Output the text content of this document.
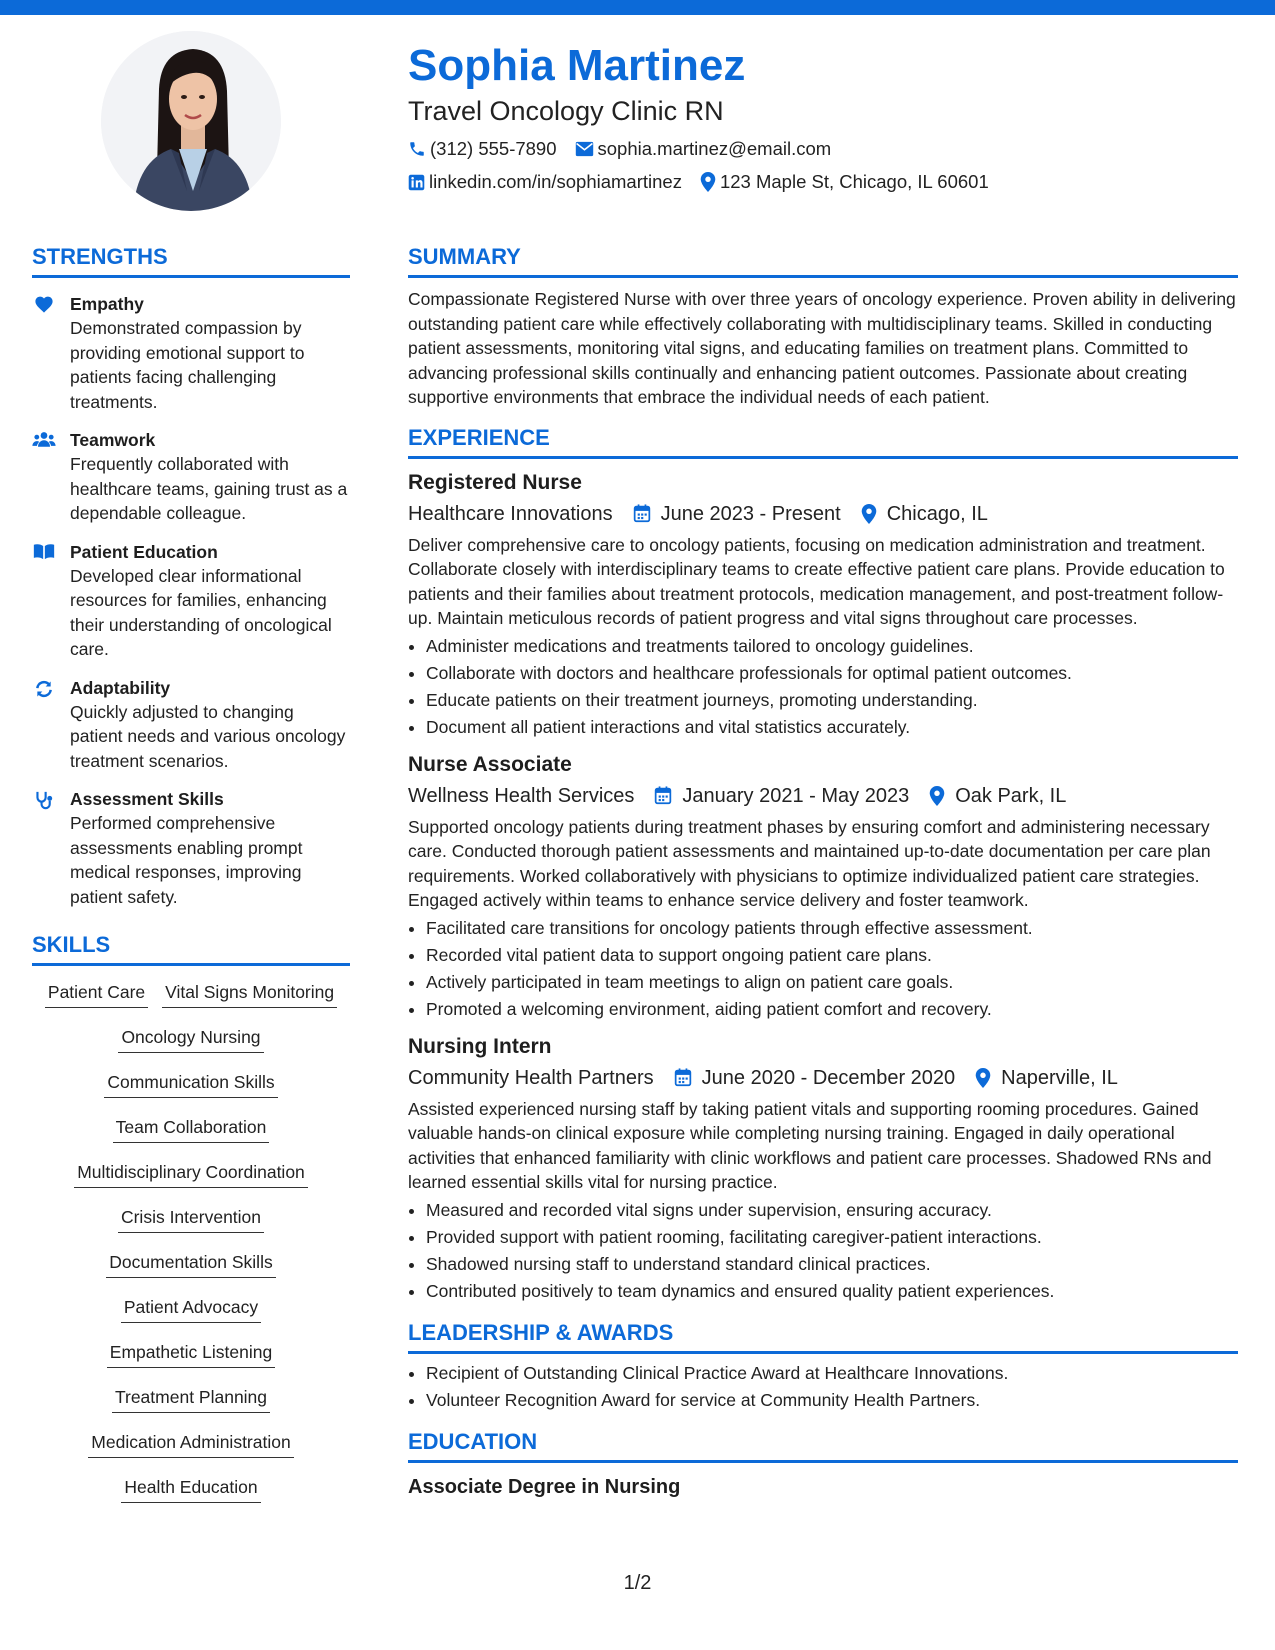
Sophia Martinez
Travel Oncology Clinic RN
(312) 555-7890 sophia.martinez@email.com
linkedin.com/in/sophiamartinez 123 Maple St, Chicago, IL 60601
STRENGTHS
Empathy
Demonstrated compassion by providing emotional support to patients facing challenging treatments.
Teamwork
Frequently collaborated with healthcare teams, gaining trust as a dependable colleague.
Patient Education
Developed clear informational resources for families, enhancing their understanding of oncological care.
Adaptability
Quickly adjusted to changing patient needs and various oncology treatment scenarios.
Assessment Skills
Performed comprehensive assessments enabling prompt medical responses, improving patient safety.
SKILLS
Patient Care Vital Signs Monitoring
Oncology Nursing
Communication Skills
Team Collaboration
Multidisciplinary Coordination
Crisis Intervention
Documentation Skills
Patient Advocacy
Empathetic Listening
Treatment Planning
Medication Administration
Health Education
SUMMARY

Compassionate Registered Nurse with over three years of oncology experience. Proven ability in delivering outstanding patient care while effectively collaborating with multidisciplinary teams. Skilled in conducting patient assessments, monitoring vital signs, and educating families on treatment plans. Committed to advancing professional skills continually and enhancing patient outcomes. Passionate about creating supportive environments that embrace the individual needs of each patient.

EXPERIENCE
Registered Nurse
Healthcare Innovations June 2023 - Present Chicago, IL

Deliver comprehensive care to oncology patients, focusing on medication administration and treatment. Collaborate closely with interdisciplinary teams to create effective patient care plans. Provide education to patients and their families about treatment protocols, medication management, and post-treatment follow-up. Maintain meticulous records of patient progress and vital signs throughout care processes.

• Administer medications and treatments tailored to oncology guidelines.
• Collaborate with doctors and healthcare professionals for optimal patient outcomes.
• Educate patients on their treatment journeys, promoting understanding.
• Document all patient interactions and vital statistics accurately.
Nurse Associate
Wellness Health Services January 2021 - May 2023 Oak Park, IL

Supported oncology patients during treatment phases by ensuring comfort and administering necessary care. Conducted thorough patient assessments and maintained up-to-date documentation per care plan requirements. Worked collaboratively with physicians to optimize individualized patient care strategies. Engaged actively within teams to enhance service delivery and foster teamwork.

• Facilitated care transitions for oncology patients through effective assessment.
• Recorded vital patient data to support ongoing patient care plans.
• Actively participated in team meetings to align on patient care goals.
• Promoted a welcoming environment, aiding patient comfort and recovery.
Nursing Intern
Community Health Partners June 2020 - December 2020 Naperville, IL

Assisted experienced nursing staff by taking patient vitals and supporting rooming procedures. Gained valuable hands-on clinical exposure while completing nursing training. Engaged in daily operational activities that enhanced familiarity with clinic workflows and patient care processes. Shadowed RNs and learned essential skills vital for nursing practice.

• Measured and recorded vital signs under supervision, ensuring accuracy.
• Provided support with patient rooming, facilitating caregiver-patient interactions.
• Shadowed nursing staff to understand standard clinical practices.
• Contributed positively to team dynamics and ensured quality patient experiences.
LEADERSHIP & AWARDS
• Recipient of Outstanding Clinical Practice Award at Healthcare Innovations.
• Volunteer Recognition Award for service at Community Health Partners.
EDUCATION
Associate Degree in Nursing
1/2
